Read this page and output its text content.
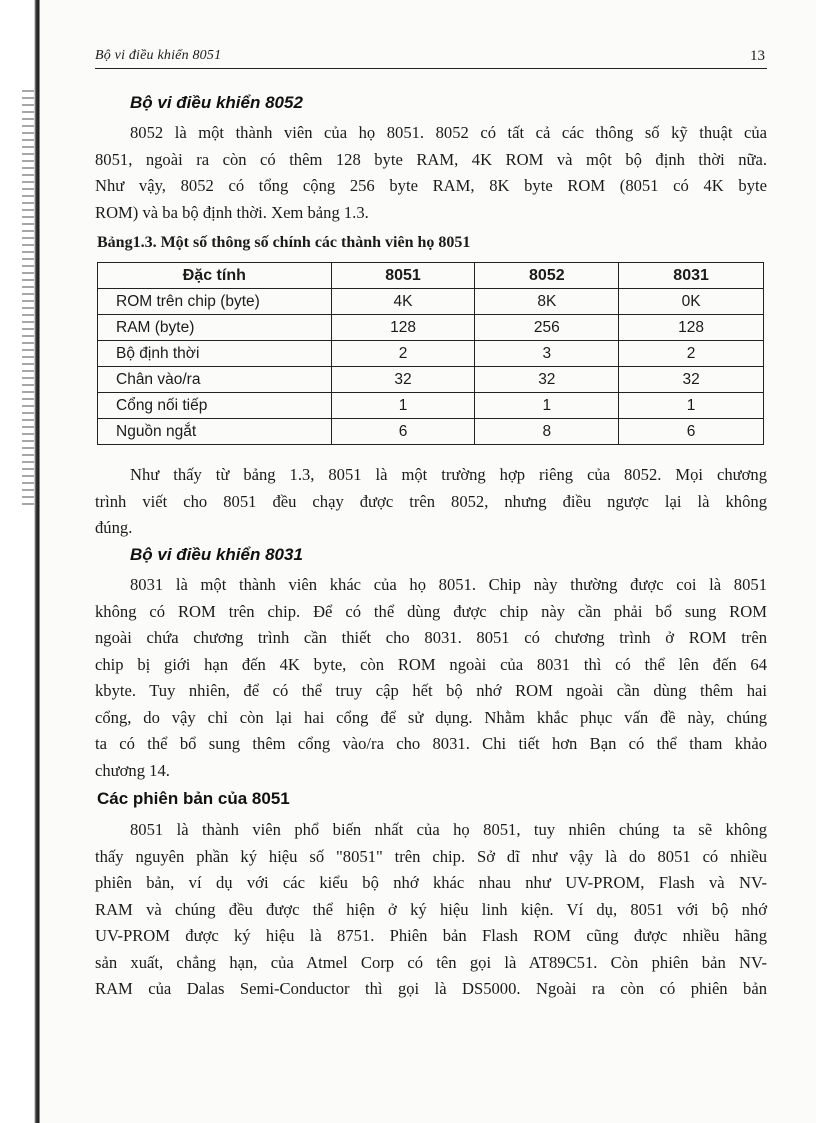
Bộ vi điều khiển 8051	13
Bộ vi điều khiển 8052
8052 là một thành viên của họ 8051. 8052 có tất cả các thông số kỹ thuật của
8051, ngoài ra còn có thêm 128 byte RAM, 4K ROM và một bộ định thời nữa.
Như vậy, 8052 có tổng cộng 256 byte RAM, 8K byte ROM (8051 có 4K byte
ROM) và ba bộ định thời. Xem bảng 1.3.
Bảng1.3. Một số thông số chính các thành viên họ 8051
Đặc tính	8051	8052	8031
ROM trên chip (byte)	4K	8K	0K
RAM (byte)	128	256	128
Bộ định thời	2	3	2
Chân vào/ra	32	32	32
Cổng nối tiếp	1	1	1
Nguồn ngắt	6	8	6
Như thấy từ bảng 1.3, 8051 là một trường hợp riêng của 8052. Mọi chương
trình viết cho 8051 đều chạy được trên 8052, nhưng điều ngược lại là không
đúng.
Bộ vi điều khiển 8031
8031 là một thành viên khác của họ 8051. Chip này thường được coi là 8051
không có ROM trên chip. Để có thể dùng được chip này cần phải bổ sung ROM
ngoài chứa chương trình cần thiết cho 8031. 8051 có chương trình ở ROM trên
chip bị giới hạn đến 4K byte, còn ROM ngoài của 8031 thì có thể lên đến 64
kbyte. Tuy nhiên, để có thể truy cập hết bộ nhớ ROM ngoài cần dùng thêm hai
cổng, do vậy chỉ còn lại hai cổng để sử dụng. Nhằm khắc phục vấn đề này, chúng
ta có thể bổ sung thêm cổng vào/ra cho 8031. Chi tiết hơn Bạn có thể tham khảo
chương 14.
Các phiên bản của 8051
8051 là thành viên phổ biến nhất của họ 8051, tuy nhiên chúng ta sẽ không
thấy nguyên phần ký hiệu số "8051" trên chip. Sở dĩ như vậy là do 8051 có nhiều
phiên bản, ví dụ với các kiểu bộ nhớ khác nhau như UV-PROM, Flash và NV-
RAM và chúng đều được thể hiện ở ký hiệu linh kiện. Ví dụ, 8051 với bộ nhớ
UV-PROM được ký hiệu là 8751. Phiên bản Flash ROM cũng được nhiều hãng
sản xuất, chẳng hạn, của Atmel Corp có tên gọi là AT89C51. Còn phiên bản NV-
RAM của Dalas Semi-Conductor thì gọi là DS5000. Ngoài ra còn có phiên bản
